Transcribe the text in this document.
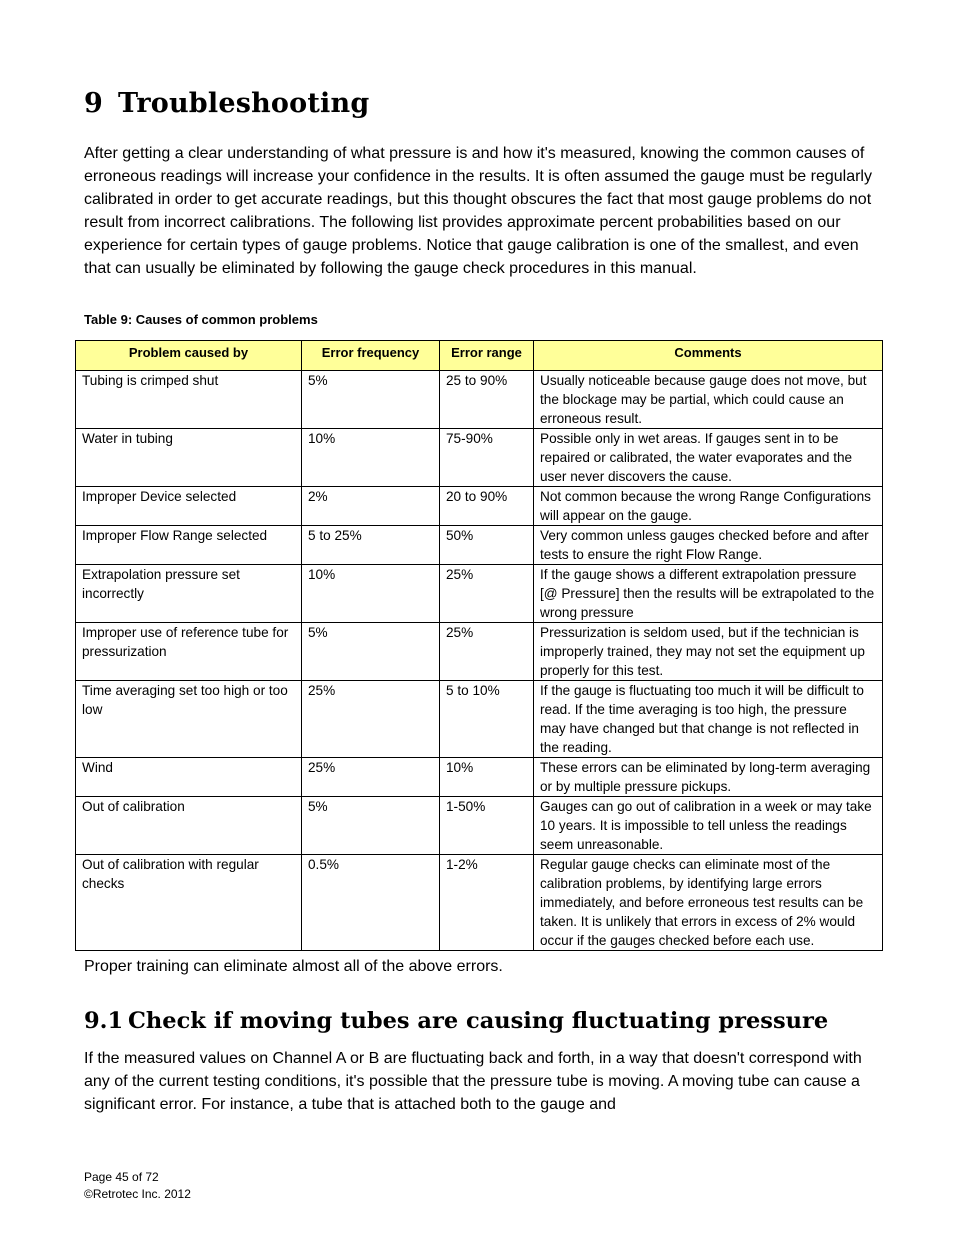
9 Troubleshooting

After getting a clear understanding of what pressure is and how it's measured, knowing the common causes of erroneous readings will increase your confidence in the results. It is often assumed the gauge must be regularly calibrated in order to get accurate readings, but this thought obscures the fact that most gauge problems do not result from incorrect calibrations. The following list provides approximate percent probabilities based on our experience for certain types of gauge problems. Notice that gauge calibration is one of the smallest, and even that can usually be eliminated by following the gauge check procedures in this manual.

Table 9: Causes of common problems

Problem caused by	Error frequency	Error range	Comments
Tubing is crimped shut	5%	25 to 90%	Usually noticeable because gauge does not move, but the blockage may be partial, which could cause an erroneous result.
Water in tubing	10%	75-90%	Possible only in wet areas. If gauges sent in to be repaired or calibrated, the water evaporates and the user never discovers the cause.
Improper Device selected	2%	20 to 90%	Not common because the wrong Range Configurations will appear on the gauge.
Improper Flow Range selected	5 to 25%	50%	Very common unless gauges checked before and after tests to ensure the right Flow Range.
Extrapolation pressure set incorrectly	10%	25%	If the gauge shows a different extrapolation pressure [@ Pressure] then the results will be extrapolated to the wrong pressure
Improper use of reference tube for pressurization	5%	25%	Pressurization is seldom used, but if the technician is improperly trained, they may not set the equipment up properly for this test.
Time averaging set too high or too low	25%	5 to 10%	If the gauge is fluctuating too much it will be difficult to read. If the time averaging is too high, the pressure may have changed but that change is not reflected in the reading.
Wind	25%	10%	These errors can be eliminated by long-term averaging or by multiple pressure pickups.
Out of calibration	5%	1-50%	Gauges can go out of calibration in a week or may take 10 years. It is impossible to tell unless the readings seem unreasonable.
Out of calibration with regular checks	0.5%	1-2%	Regular gauge checks can eliminate most of the calibration problems, by identifying large errors immediately, and before erroneous test results can be taken. It is unlikely that errors in excess of 2% would occur if the gauges checked before each use.

Proper training can eliminate almost all of the above errors.

9.1 Check if moving tubes are causing fluctuating pressure

If the measured values on Channel A or B are fluctuating back and forth, in a way that doesn't correspond with any of the current testing conditions, it's possible that the pressure tube is moving. A moving tube can cause a significant error. For instance, a tube that is attached both to the gauge and

Page 45 of 72
©Retrotec Inc. 2012
